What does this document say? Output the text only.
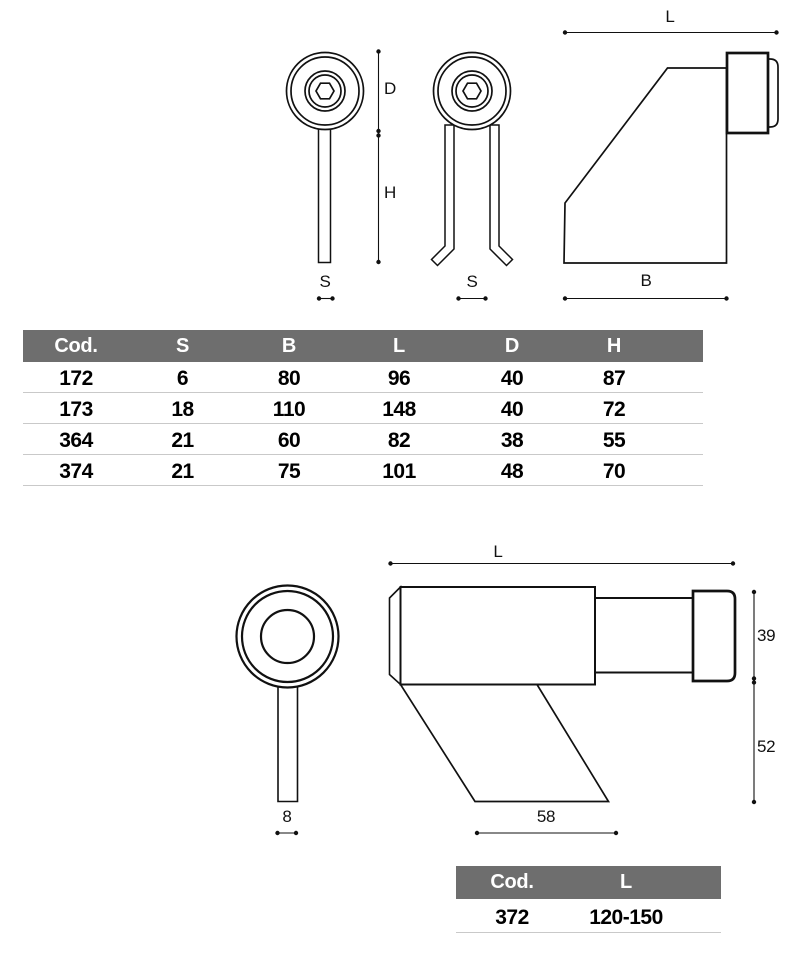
D
H
S	S
L
B
L
8	58
39
52
Cod.	S	B	L	D	H
172	6	80	96	40	87
173	18	110	148	40	72
364	21	60	82	38	55
374	21	75	101	48	70
Cod.	L
372	120-150
